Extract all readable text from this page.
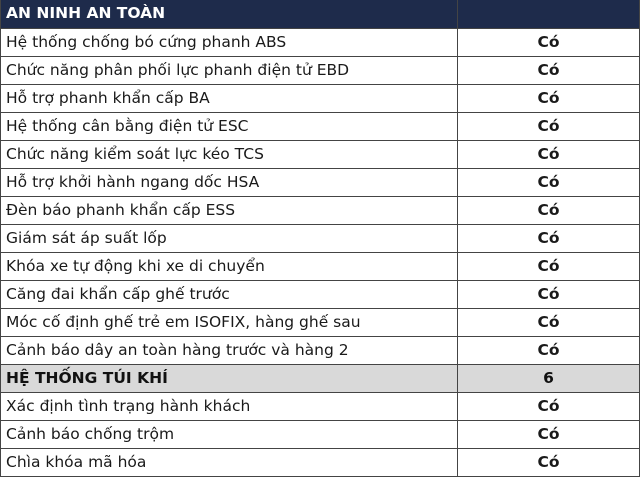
AN NINH AN TOÀN	
Hệ thống chống bó cứng phanh ABS	Có
Chức năng phân phối lực phanh điện tử EBD	Có
Hỗ trợ phanh khẩn cấp BA	Có
Hệ thống cân bằng điện tử ESC	Có
Chức năng kiểm soát lực kéo TCS	Có
Hỗ trợ khởi hành ngang dốc HSA	Có
Đèn báo phanh khẩn cấp ESS	Có
Giám sát áp suất lốp	Có
Khóa xe tự động khi xe di chuyển	Có
Căng đai khẩn cấp ghế trước	Có
Móc cố định ghế trẻ em ISOFIX, hàng ghế sau	Có
Cảnh báo dây an toàn hàng trước và hàng 2	Có
HỆ THỐNG TÚI KHÍ	6
Xác định tình trạng hành khách	Có
Cảnh báo chống trộm	Có
Chìa khóa mã hóa	Có
